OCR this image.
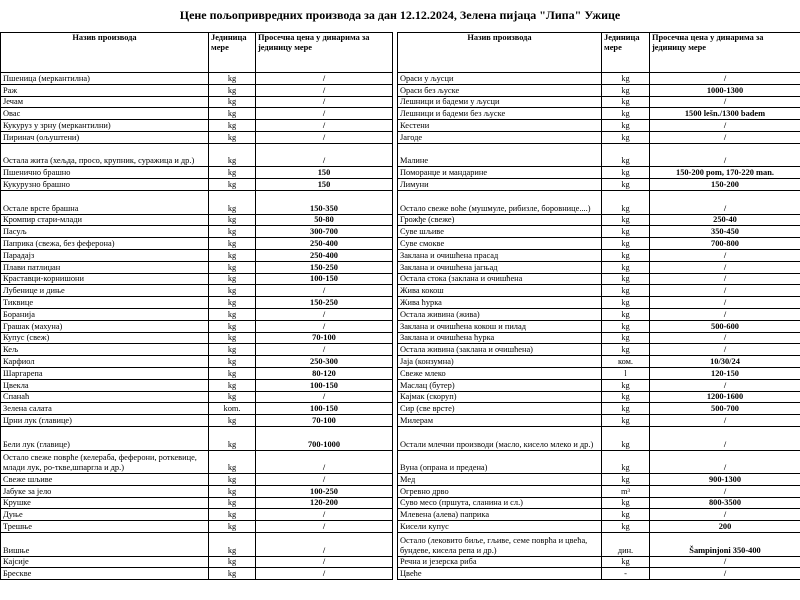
Цене пољопривредних производа за дан 12.12.2024, Зелена пијаца "Липа" Ужице
Назив производа	Јединица мере	Просечна цена у динарима за јединицу мере
Пшеница (меркантилна)	kg	/
Раж	kg	/
Јечам	kg	/
Овас	kg	/
Кукуруз у зрну (меркантилни)	kg	/
Пиринач (ољуштени)	kg	/
Остала жита (хељда, просо, крупник, суражица и др.)	kg	/
Пшенично брашно	kg	150
Кукурузно брашно	kg	150
Остале врсте брашна	kg	150-350
Кромпир стари-млади	kg	50-80
Пасуљ	kg	300-700
Паприка (свежа, без феферона)	kg	250-400
Парадајз	kg	250-400
Плави патлиџан	kg	150-250
Краставци-корнишони	kg	100-150
Лубенице и диње	kg	/
Тиквице	kg	150-250
Боранија	kg	/
Грашак (махуна)	kg	/
Купус (свеж)	kg	70-100
Кељ	kg	/
Карфиол	kg	250-300
Шаргарепа	kg	80-120
Цвекла	kg	100-150
Спанаћ	kg	/
Зелена салата	kom.	100-150
Црни лук (главице)	kg	70-100
Бели лук (главице)	kg	700-1000
Остало свеже поврће (келераба, феферони, роткевице, млади лук, ро-ткве,шпаргла и др.)	kg	/
Свеже шљиве	kg	/
Јабуке за јело	kg	100-250
Крушке	kg	120-200
Дуње	kg	/
Трешње	kg	/
Вишње	kg	/
Кајсије	kg	/
Брескве	kg	/
Назив производа	Јединица мере	Просечна цена у динарима за јединицу мере
Ораси у љусци	kg	/
Ораси без љуске	kg	1000-1300
Лешници и бадеми у љусци	kg	/
Лешници и бадеми без љуске	kg	1500 lešn./1300 badem
Кестени	kg	/
Јагоде	kg	/
Малине	kg	/
Поморанџе и мандарине	kg	150-200 pom, 170-220 man.
Лимуни	kg	150-200
Остало свеже воће (мушмуле, рибизле, боровнице....)	kg	/
Грожђе (свеже)	kg	250-40
Суве шљиве	kg	350-450
Суве смокве	kg	700-800
Заклана и очишћена прасад	kg	/
Заклана и очишћена јагњад	kg	/
Остала стока (заклана и очишћена	kg	/
Жива кокош	kg	/
Жива ћурка	kg	/
Остала живина (жива)	kg	/
Заклана и очишћена кокош и пилад	kg	500-600
Заклана и очишћена ћурка	kg	/
Остала живина (заклана и очишћена)	kg	/
Јаја (конзумна)	ком.	10/30/24
Свеже млеко	l	120-150
Маслац (бутер)	kg	/
Кајмак (скоруп)	kg	1200-1600
Сир (све врсте)	kg	500-700
Милерам	kg	/
Остали млечни производи (масло, кисело млеко и др.)	kg	/
Вуна (опрана и предена)	kg	/
Мед	kg	900-1300
Огревно дрво	m³	/
Суво месо (пршута, сланина и сл.)	kg	800-3500
Млевена (алева) паприка	kg	/
Кисели купус	kg	200
Остало (лековито биље, гљиве, семе поврћа и цвећа, бундеве, кисела репа и др.)	дин.	Šampinjoni 350-400
Речна и језерска риба	kg	/
Цвеће	-	/
